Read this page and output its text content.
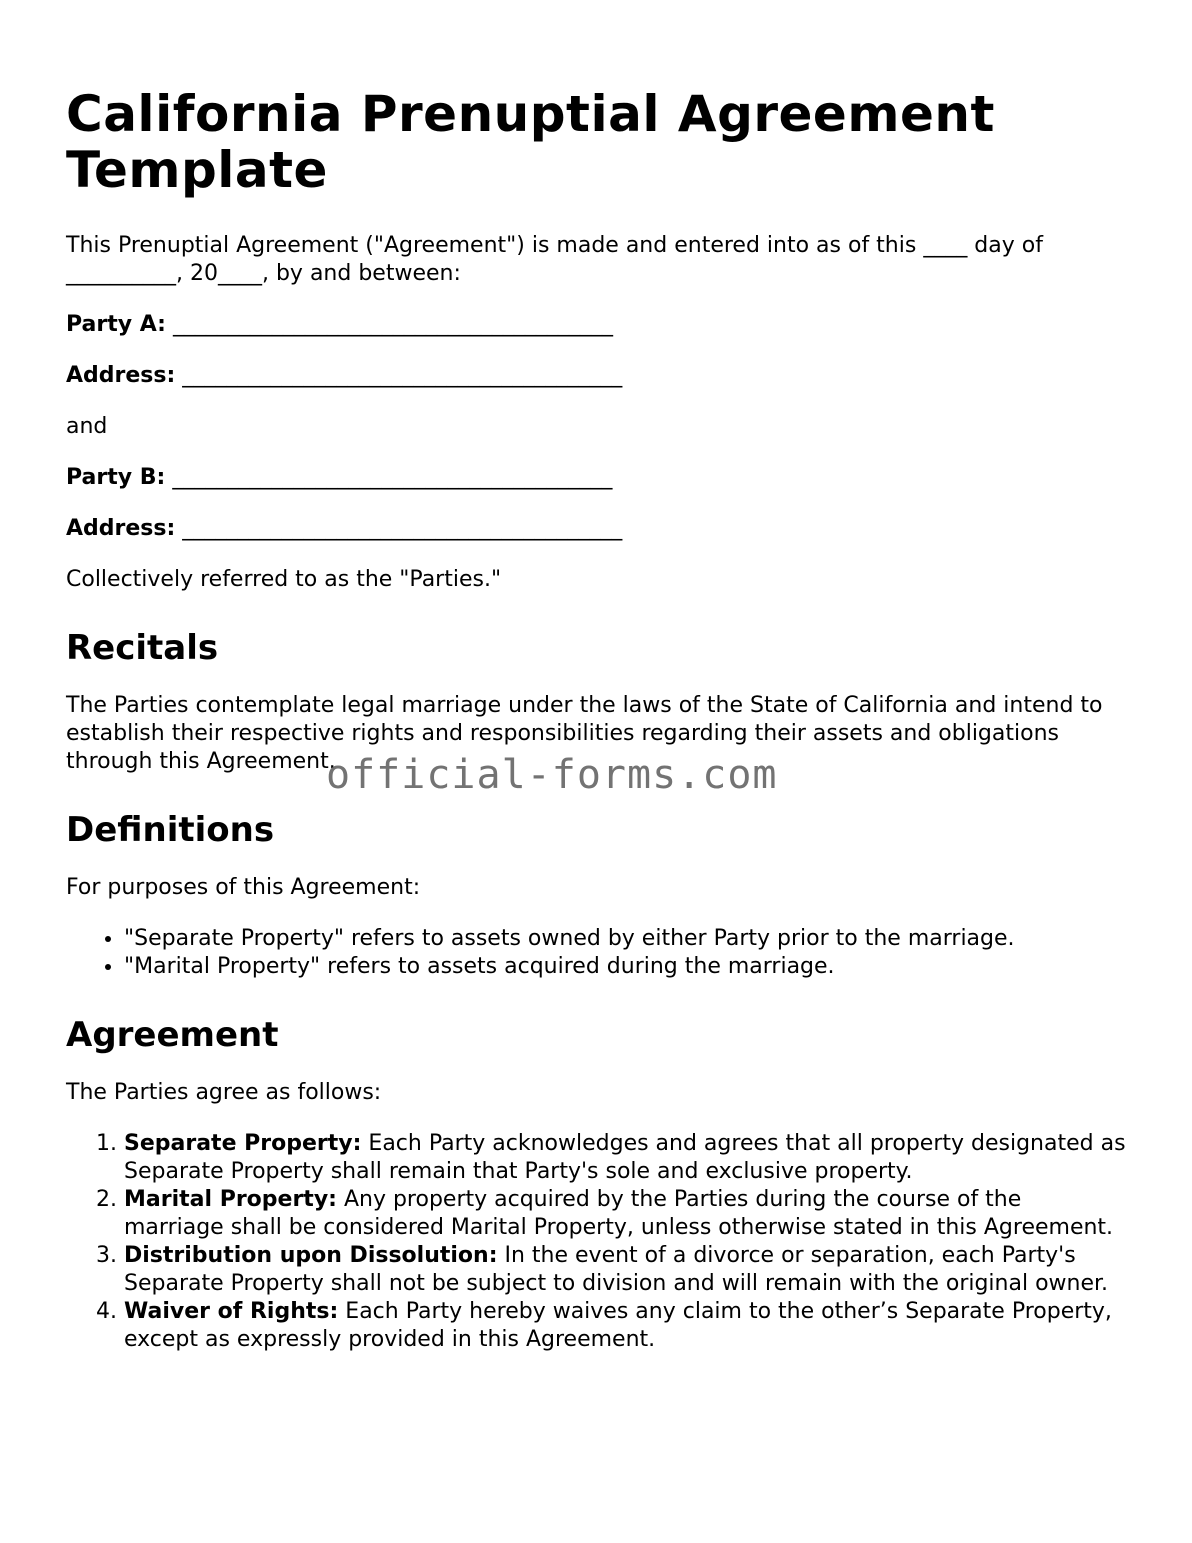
California Prenuptial Agreement Template

This Prenuptial Agreement ("Agreement") is made and entered into as of this ____ day of __________, 20____, by and between:

Party A: ________________________________________

Address: ________________________________________

and

Party B: ________________________________________

Address: ________________________________________

Collectively referred to as the "Parties."

Recitals

The Parties contemplate legal marriage under the laws of the State of California and intend to establish their respective rights and responsibilities regarding their assets and obligations through this Agreement.

Definitions

For purposes of this Agreement:

• "Separate Property" refers to assets owned by either Party prior to the marriage.
• "Marital Property" refers to assets acquired during the marriage.
Agreement

The Parties agree as follows:

1. Separate Property: Each Party acknowledges and agrees that all property designated as Separate Property shall remain that Party's sole and exclusive property.
2. Marital Property: Any property acquired by the Parties during the course of the marriage shall be considered Marital Property, unless otherwise stated in this Agreement.
3. Distribution upon Dissolution: In the event of a divorce or separation, each Party's Separate Property shall not be subject to division and will remain with the original owner.
4. Waiver of Rights: Each Party hereby waives any claim to the other’s Separate Property, except as expressly provided in this Agreement.
official-forms.com
